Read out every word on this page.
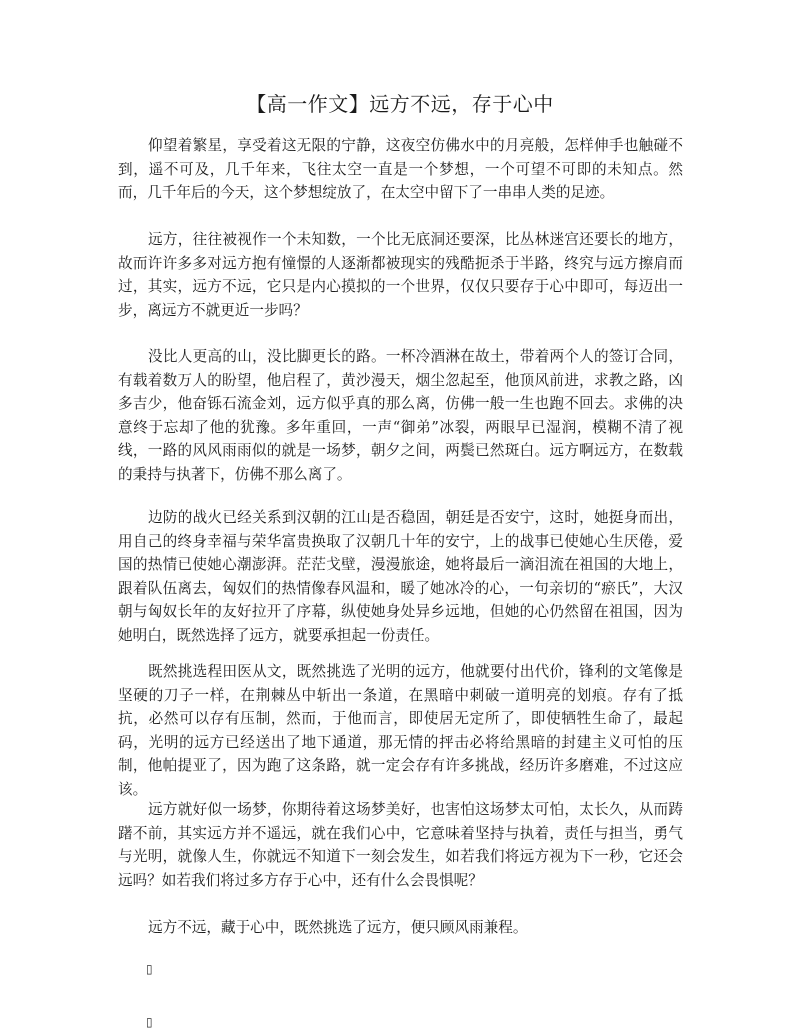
【高一作文】远方不远，存于心中

仰望着繁星，享受着这无限的宁静，这夜空仿佛水中的月亮般，怎样伸手也触碰不到，遥不可及，几千年来，飞往太空一直是一个梦想，一个可望不可即的未知点。然而，几千年后的今天，这个梦想绽放了，在太空中留下了一串串人类的足迹。

远方，往往被视作一个未知数，一个比无底洞还要深，比丛林迷宫还要长的地方，故而许许多多对远方抱有憧憬的人逐渐都被现实的残酷扼杀于半路，终究与远方擦肩而过，其实，远方不远，它只是内心摸拟的一个世界，仅仅只要存于心中即可，每迈出一步，离远方不就更近一步吗？

没比人更高的山，没比脚更长的路。一杯冷酒淋在故土，带着两个人的签订合同，有载着数万人的盼望，他启程了，黄沙漫天，烟尘忽起至，他顶风前进，求教之路，凶多吉少，他奋铄石流金刘，远方似乎真的那么离，仿佛一般一生也跑不回去。求佛的决意终于忘却了他的犹豫。多年重回，一声“御弟”冰裂，两眼早已湿润，模糊不清了视线，一路的风风雨雨似的就是一场梦，朝夕之间，两鬓已然斑白。远方啊远方，在数载的秉持与执著下，仿佛不那么离了。

边防的战火已经关系到汉朝的江山是否稳固，朝廷是否安宁，这时，她挺身而出，用自己的终身幸福与荣华富贵换取了汉朝几十年的安宁，上的战事已使她心生厌倦，爱国的热情已使她心潮澎湃。茫茫戈壁，漫漫旅途，她将最后一滴泪流在祖国的大地上，跟着队伍离去，匈奴们的热情像春风温和，暖了她冰冷的心，一句亲切的“瘀氏”，大汉朝与匈奴长年的友好拉开了序幕，纵使她身处异乡远地，但她的心仍然留在祖国，因为她明白，既然选择了远方，就要承担起一份责任。

既然挑选程田医从文，既然挑选了光明的远方，他就要付出代价，锋利的文笔像是坚硬的刀子一样，在荆棘丛中斩出一条道，在黑暗中刺破一道明亮的划痕。存有了抵抗，必然可以存有压制，然而，于他而言，即使居无定所了，即使牺牲生命了，最起码，光明的远方已经送出了地下通道，那无情的抨击必将给黑暗的封建主义可怕的压制，他帕提亚了，因为跑了这条路，就一定会存有许多挑战，经历许多磨难，不过这应该。

远方就好似一场梦，你期待着这场梦美好，也害怕这场梦太可怕，太长久，从而踌躇不前，其实远方并不遥远，就在我们心中，它意味着坚持与执着，责任与担当，勇气与光明，就像人生，你就远不知道下一刻会发生，如若我们将远方视为下一秒，它还会远吗？如若我们将过多方存于心中，还有什么会畏惧呢？

远方不远，藏于心中，既然挑选了远方，便只顾风雨兼程。

▯
▯
